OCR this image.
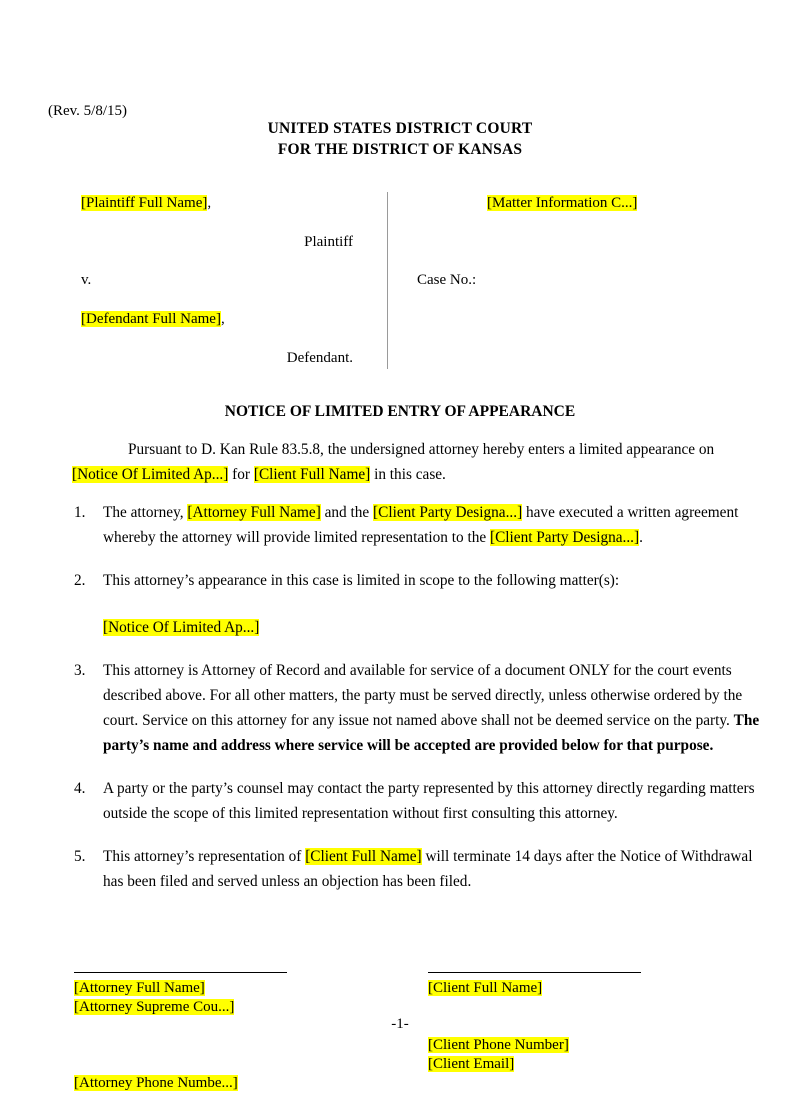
(Rev. 5/8/15)
UNITED STATES DISTRICT COURT
FOR THE DISTRICT OF KANSAS
[Plaintiff Full Name],
Plaintiff
v.
[Defendant Full Name],
Defendant.
[Matter Information C...]
Case No.:
NOTICE OF LIMITED ENTRY OF APPEARANCE
Pursuant to D. Kan Rule 83.5.8, the undersigned attorney hereby enters a limited appearance on [Notice Of Limited Ap...] for [Client Full Name] in this case.
1. The attorney, [Attorney Full Name] and the [Client Party Designa...] have executed a written agreement whereby the attorney will provide limited representation to the [Client Party Designa...].
2. This attorney’s appearance in this case is limited in scope to the following matter(s):
[Notice Of Limited Ap...]
3. This attorney is Attorney of Record and available for service of a document ONLY for the court events described above. For all other matters, the party must be served directly, unless otherwise ordered by the court. Service on this attorney for any issue not named above shall not be deemed service on the party. The party’s name and address where service will be accepted are provided below for that purpose.
4. A party or the party’s counsel may contact the party represented by this attorney directly regarding matters outside the scope of this limited representation without first consulting this attorney.
5. This attorney’s representation of [Client Full Name] will terminate 14 days after the Notice of Withdrawal has been filed and served unless an objection has been filed.
[Attorney Full Name]
[Attorney Supreme Cou...]
[Attorney Phone Numbe...]
[Client Full Name]
[Client Phone Number]
[Client Email]
-1-
